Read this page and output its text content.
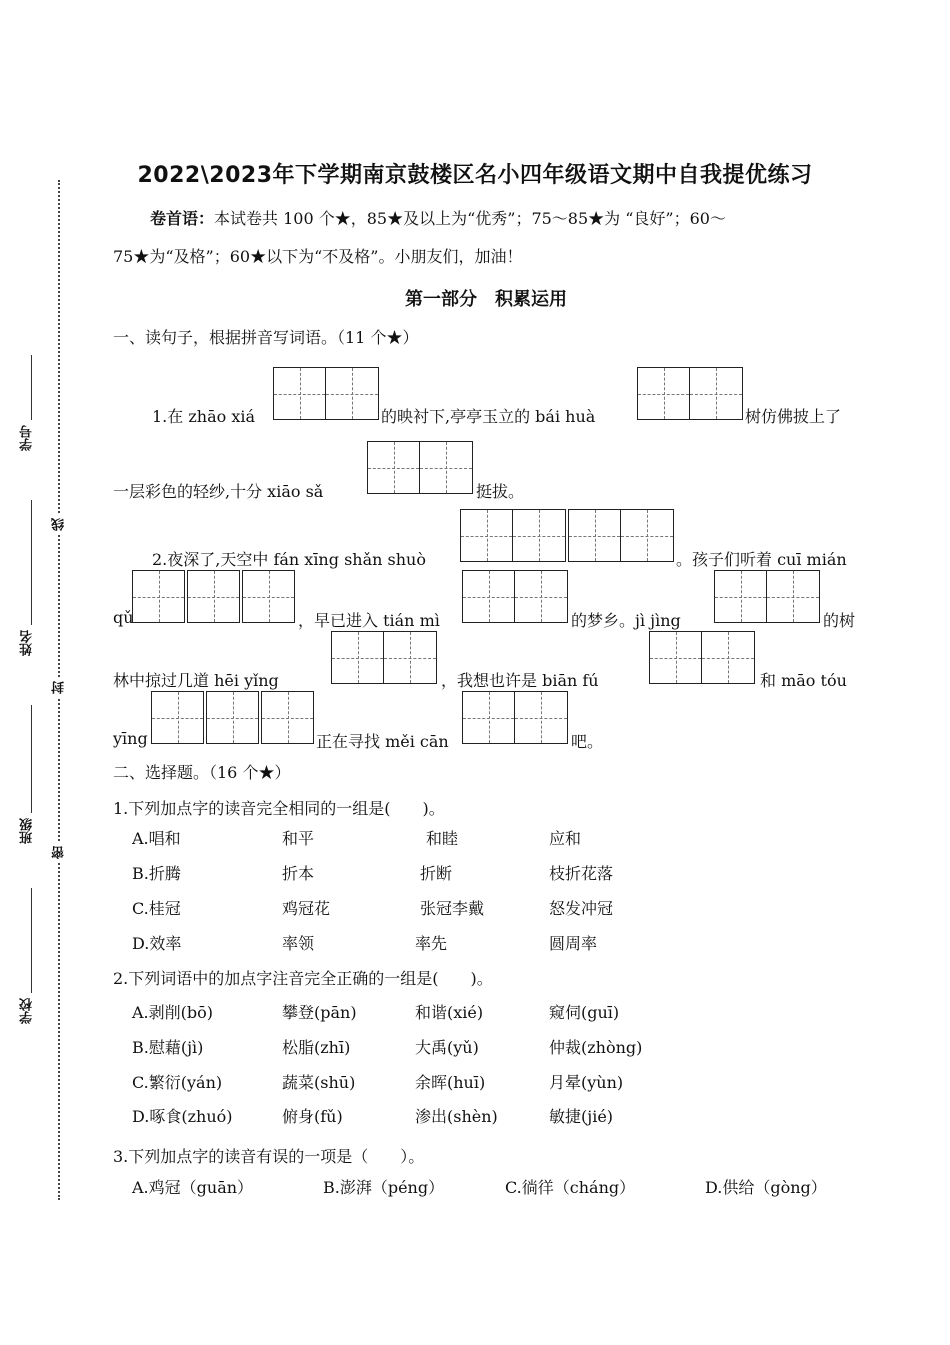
学号
姓名
班级
学校
线
封
密
2022\2023年下学期南京鼓楼区名小四年级语文期中自我提优练习
卷首语：本试卷共 100 个★，85★及以上为“优秀”；75～85★为 “良好”；60～
75★为“及格”；60★以下为“不及格”。小朋友们，加油！
第一部分　积累运用
一、读句子，根据拼音写词语。（11 个★）
1.在 zhāo xiá	的映衬下,亭亭玉立的 bái huà	树仿佛披上了
一层彩色的轻纱,十分 xiāo sǎ	挺拔。
2.夜深了,天空中 fán xīng shǎn shuò	。孩子们听着 cuī mián
qǔ	，早已进入 tián mì	的梦乡。jì jìng	的树
林中掠过几道 hēi yǐng	，我想也许是 biān fú	和 māo tóu
yīng	正在寻找 měi cān	吧。
二、选择题。（16 个★）
1.下列加点字的读音完全相同的一组是(　　)。
A.唱和	和平	和睦	应和
B.折腾	折本	折断	枝折花落
C.桂冠	鸡冠花	张冠李戴	怒发冲冠
D.效率	率领	率先	圆周率
2.下列词语中的加点字注音完全正确的一组是(　　)。
A.剥削(bō)	攀登(pān)	和谐(xié)	窥伺(guī)
B.慰藉(jì)	松脂(zhī)	大禹(yǔ)	仲裁(zhòng)
C.繁衍(yán)	蔬菜(shū)	余晖(huī)	月晕(yùn)
D.啄食(zhuó)	俯身(fǔ)	渗出(shèn)	敏捷(jié)
3.下列加点字的读音有误的一项是（　　）。
A.鸡冠（guān）	B.澎湃（péng）	C.徜徉（cháng）	D.供给（gòng）
